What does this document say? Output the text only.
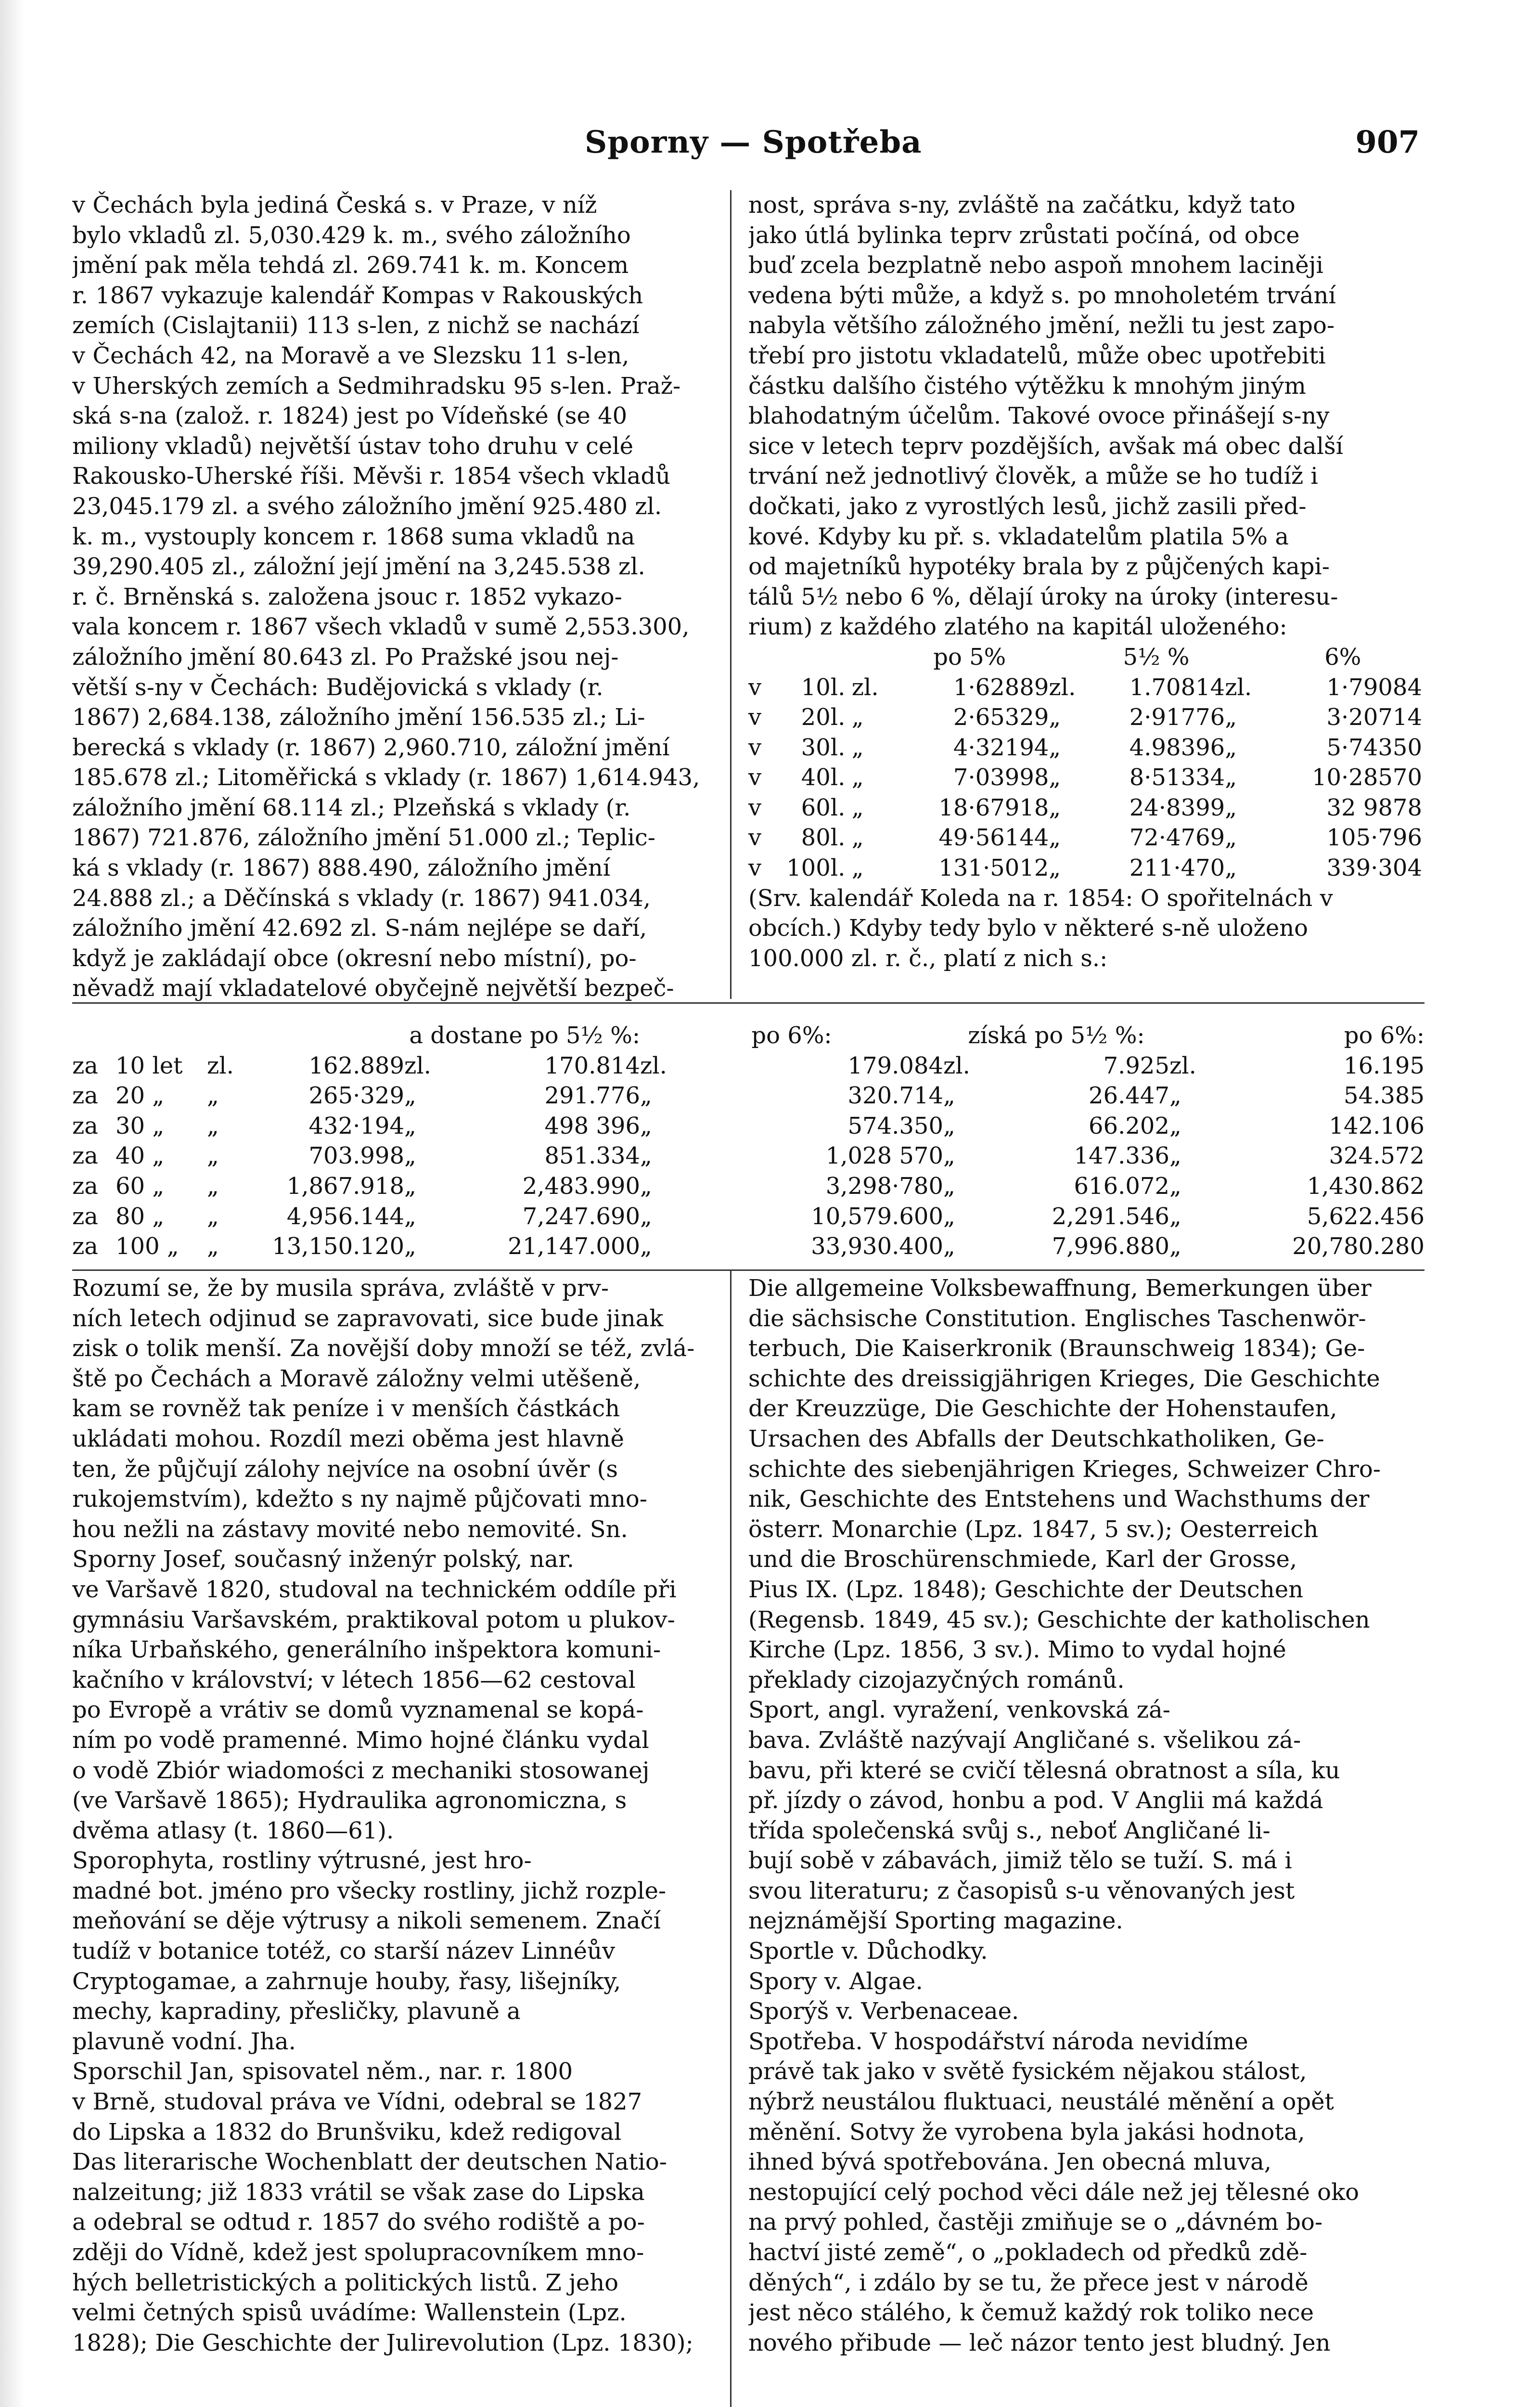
Sporny — Spotřeba	907
v Čechách byla jediná Česká s. v Praze, v níž
bylo vkladů zl. 5,030.429 k. m., svého záložního
jmění pak měla tehdá zl. 269.741 k. m. Koncem
r. 1867 vykazuje kalendář Kompas v Rakouských
zemích (Cislajtanii) 113 s-len, z nichž se nachází
v Čechách 42, na Moravě a ve Slezsku 11 s-len,
v Uherských zemích a Sedmihradsku 95 s-len. Praž-
ská s-na (založ. r. 1824) jest po Vídeňské (se 40
miliony vkladů) největší ústav toho druhu v celé
Rakousko-Uherské říši. Měvši r. 1854 všech vkladů
23,045.179 zl. a svého záložního jmění 925.480 zl.
k. m., vystouply koncem r. 1868 suma vkladů na
39,290.405 zl., záložní její jmění na 3,245.538 zl.
r. č. Brněnská s. založena jsouc r. 1852 vykazo-
vala koncem r. 1867 všech vkladů v sumě 2,553.300,
záložního jmění 80.643 zl. Po Pražské jsou nej-
větší s-ny v Čechách: Budějovická s vklady (r.
1867) 2,684.138, záložního jmění 156.535 zl.; Li-
berecká s vklady (r. 1867) 2,960.710, záložní jmění
185.678 zl.; Litoměřická s vklady (r. 1867) 1,614.943,
záložního jmění 68.114 zl.; Plzeňská s vklady (r.
1867) 721.876, záložního jmění 51.000 zl.; Teplic-
ká s vklady (r. 1867) 888.490, záložního jmění
24.888 zl.; a Děčínská s vklady (r. 1867) 941.034,
záložního jmění 42.692 zl. S-nám nejlépe se daří,
když je zakládají obce (okresní nebo místní), po-
něvadž mají vkladatelové obyčejně největší bezpeč-
nost, správa s-ny, zvláště na začátku, když tato
jako útlá bylinka teprv zrůstati počíná, od obce
buď zcela bezplatně nebo aspoň mnohem laciněji
vedena býti může, a když s. po mnoholetém trvání
nabyla většího záložného jmění, nežli tu jest zapo-
třebí pro jistotu vkladatelů, může obec upotřebiti
částku dalšího čistého výtěžku k mnohým jiným
blahodatným účelům. Takové ovoce přinášejí s-ny
sice v letech teprv pozdějších, avšak má obec další
trvání než jednotlivý člověk, a může se ho tudíž i
dočkati, jako z vyrostlých lesů, jichž zasili před-
kové. Kdyby ku př. s. vkladatelům platila 5% a
od majetníků hypotéky brala by z půjčených kapi-
tálů 5½ nebo 6 %, dělají úroky na úroky (interesu-
rium) z každého zlatého na kapitál uloženého:
				po 5%		5½ %		6%
v	10	l.	zl.	1·62889	zl.	1.70814	zl.	1·79084
v	20	l.	„	2·65329	„	2·91776	„	3·20714
v	30	l.	„	4·32194	„	4.98396	„	5·74350
v	40	l.	„	7·03998	„	8·51334	„	10·28570
v	60	l.	„	18·67918	„	24·8399	„	32 9878
v	80	l.	„	49·56144	„	72·4769	„	105·796
v	100	l.	„	131·5012	„	211·470	„	339·304
(Srv. kalendář Koleda na r. 1854: O spořitelnách v
obcích.) Kdyby tedy bylo v některé s-ně uloženo
100.000 zl. r. č., platí z nich s.:
				a dostane po 5½ %:		po 6%:		získá po 5½ %:		po 6%:	
za	10 let	zl.	162.889	zl.	170.814	zl.	179.084	zl.	7.925	zl.	16.195
za	20 „	„	265·329	„	291.776	„	320.714	„	26.447	„	54.385
za	30 „	„	432·194	„	498 396	„	574.350	„	66.202	„	142.106
za	40 „	„	703.998	„	851.334	„	1,028 570	„	147.336	„	324.572
za	60 „	„	1,867.918	„	2,483.990	„	3,298·780	„	616.072	„	1,430.862
za	80 „	„	4,956.144	„	7,247.690	„	10,579.600	„	2,291.546	„	5,622.456
za	100 „	„	13,150.120	„	21,147.000	„	33,930.400	„	7,996.880	„	20,780.280
Rozumí se, že by musila správa, zvláště v prv-
ních letech odjinud se zapravovati, sice bude jinak
zisk o tolik menší. Za novější doby množí se též, zvlá-
ště po Čechách a Moravě záložny velmi utěšeně,
kam se rovněž tak peníze i v menších částkách
ukládati mohou. Rozdíl mezi oběma jest hlavně
ten, že půjčují zálohy nejvíce na osobní úvěr (s
rukojemstvím), kdežto s ny najmě půjčovati mno-
hou nežli na zástavy movité nebo nemovité. Sn.
Sporny Josef, současný inženýr polský, nar.
ve Varšavě 1820, studoval na technickém oddíle při
gymnásiu Varšavském, praktikoval potom u plukov-
níka Urbaňského, generálního inšpektora komuni-
kačního v království; v létech 1856—62 cestoval
po Evropě a vrátiv se domů vyznamenal se kopá-
ním po vodě pramenné. Mimo hojné článku vydal
o vodě Zbiór wiadomości z mechaniki stosowanej
(ve Varšavě 1865); Hydraulika agronomiczna, s
dvěma atlasy (t. 1860—61).
Sporophyta, rostliny výtrusné, jest hro-
madné bot. jméno pro všecky rostliny, jichž rozple-
meňování se děje výtrusy a nikoli semenem. Značí
tudíž v botanice totéž, co starší název Linnéův
Cryptogamae, a zahrnuje houby, řasy, lišejníky,
mechy, kapradiny, přesličky, plavuně a
plavuně vodní. Jha.
Sporschil Jan, spisovatel něm., nar. r. 1800
v Brně, studoval práva ve Vídni, odebral se 1827
do Lipska a 1832 do Brunšviku, kdež redigoval
Das literarische Wochenblatt der deutschen Natio-
nalzeitung; již 1833 vrátil se však zase do Lipska
a odebral se odtud r. 1857 do svého rodiště a po-
zději do Vídně, kdež jest spolupracovníkem mno-
hých belletristických a politických listů. Z jeho
velmi četných spisů uvádíme: Wallenstein (Lpz.
1828); Die Geschichte der Julirevolution (Lpz. 1830);
Die allgemeine Volksbewaffnung, Bemerkungen über
die sächsische Constitution. Englisches Taschenwör-
terbuch, Die Kaiserkronik (Braunschweig 1834); Ge-
schichte des dreissigjährigen Krieges, Die Geschichte
der Kreuzzüge, Die Geschichte der Hohenstaufen,
Ursachen des Abfalls der Deutschkatholiken, Ge-
schichte des siebenjährigen Krieges, Schweizer Chro-
nik, Geschichte des Entstehens und Wachsthums der
österr. Monarchie (Lpz. 1847, 5 sv.); Oesterreich
und die Broschürenschmiede, Karl der Grosse,
Pius IX. (Lpz. 1848); Geschichte der Deutschen
(Regensb. 1849, 45 sv.); Geschichte der katholischen
Kirche (Lpz. 1856, 3 sv.). Mimo to vydal hojné
překlady cizojazyčných románů.
Sport, angl. vyražení, venkovská zá-
bava. Zvláště nazývají Angličané s. všelikou zá-
bavu, při které se cvičí tělesná obratnost a síla, ku
př. jízdy o závod, honbu a pod. V Anglii má každá
třída společenská svůj s., neboť Angličané li-
bují sobě v zábavách, jimiž tělo se tuží. S. má i
svou literaturu; z časopisů s-u věnovaných jest
nejznámější Sporting magazine.
Sportle v. Důchodky.
Spory v. Algae.
Sporýš v. Verbenaceae.
Spotřeba. V hospodářství národa nevidíme
právě tak jako v světě fysickém nějakou stálost,
nýbrž neustálou fluktuaci, neustálé měnění a opět
měnění. Sotvy že vyrobena byla jakási hodnota,
ihned bývá spotřebována. Jen obecná mluva,
nestopující celý pochod věci dále než jej tělesné oko
na prvý pohled, častěji zmiňuje se o „dávném bo-
hactví jisté země“, o „pokladech od předků zdě-
děných“, i zdálo by se tu, že přece jest v národě
jest něco stálého, k čemuž každý rok toliko nece
nového přibude — leč názor tento jest bludný. Jen
